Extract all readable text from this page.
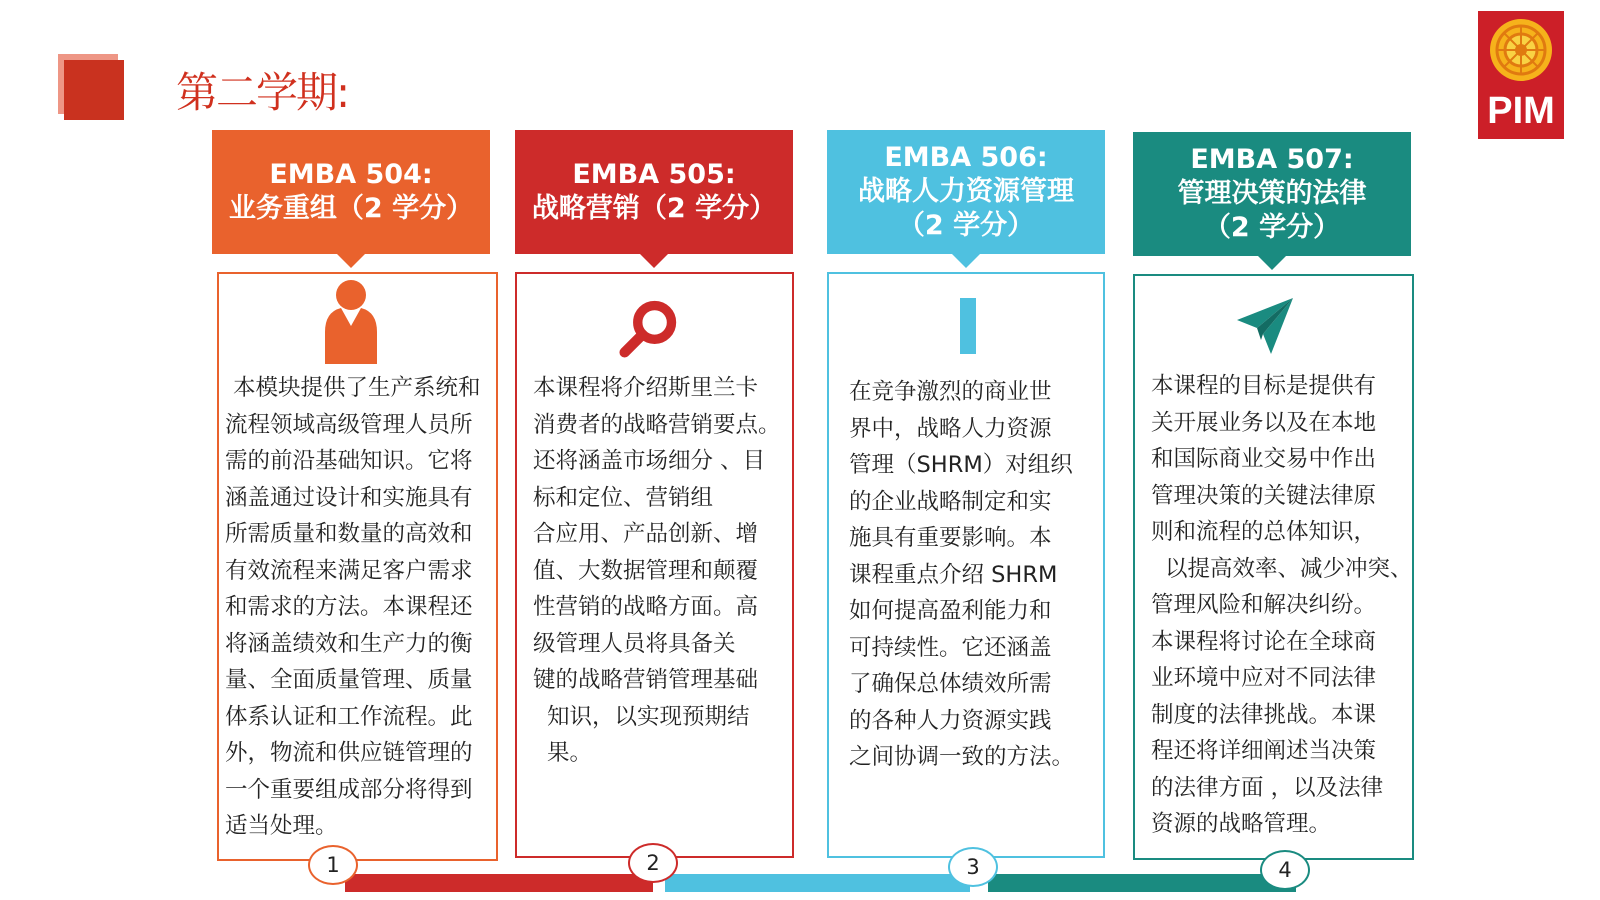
第二学期:	PIM
EMBA 504:
业务重组（2 学分）
本模块提供了生产系统和
流程领域高级管理人员所
需的前沿基础知识。它将
涵盖通过设计和实施具有
所需质量和数量的高效和
有效流程来满足客户需求
和需求的方法。本课程还
将涵盖绩效和生产力的衡
量、全面质量管理、质量
体系认证和工作流程。此
外，物流和供应链管理的
一个重要组成部分将得到
适当处理。
EMBA 505:
战略营销（2 学分）
本课程将介绍斯里兰卡
消费者的战略营销要点。
还将涵盖市场细分 、目
标和定位、营销组
合应用、产品创新、增
值、大数据管理和颠覆
性营销的战略方面。高
级管理人员将具备关
键的战略营销管理基础
知识，以实现预期结果。
EMBA 506:
战略人力资源管理
（2 学分）
在竞争激烈的商业世
界中，战略人力资源
管理（SHRM）对组织
的企业战略制定和实
施具有重要影响。本
课程重点介绍 SHRM
如何提高盈利能力和
可持续性。它还涵盖
了确保总体绩效所需
的各种人力资源实践
之间协调一致的方法。
EMBA 507:
管理决策的法律
（2 学分）
本课程的目标是提供有
关开展业务以及在本地
和国际商业交易中作出
管理决策的关键法律原
则和流程的总体知识，
以提高效率、减少冲突、
管理风险和解决纠纷。
本课程将讨论在全球商
业环境中应对不同法律
制度的法律挑战。本课
程还将详细阐述当决策
的法律方面 ，以及法律
资源的战略管理。
1	2	3	4
